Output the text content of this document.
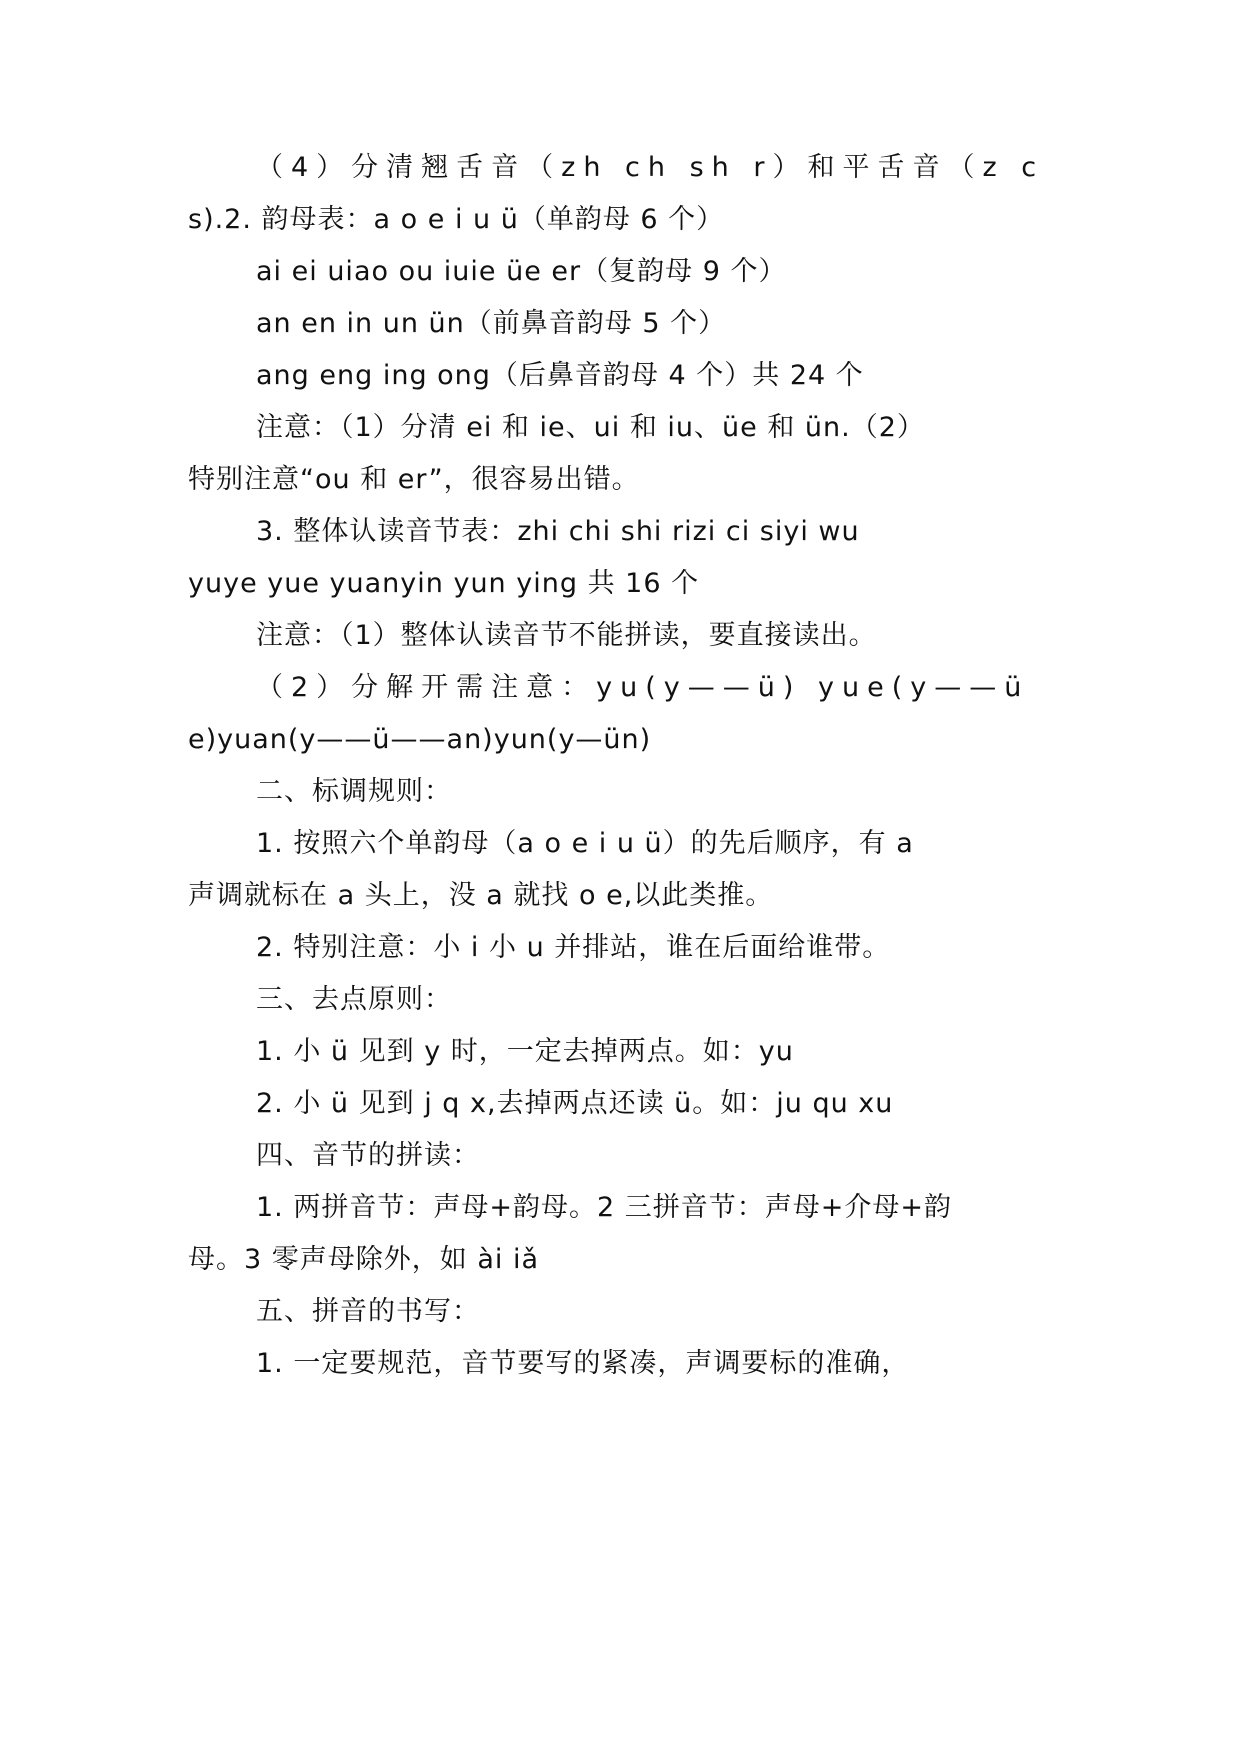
（4）分清翘舌音（zh ch sh r）和平舌音（z c
s).2. 韵母表：a o e i u ü（单韵母 6 个）
ai ei uiao ou iuie üe er（复韵母 9 个）
an en in un ün（前鼻音韵母 5 个）
ang eng ing ong（后鼻音韵母 4 个）共 24 个
注意：（1）分清 ei 和 ie、ui 和 iu、üe 和 ün.（2）
特别注意“ou 和 er”，很容易出错。
3. 整体认读音节表：zhi chi shi rizi ci siyi wu
yuye yue yuanyin yun ying 共 16 个
注意：（1）整体认读音节不能拼读，要直接读出。
（2）分解开需注意：yu(y——ü) yue(y——ü
e)yuan(y——ü——an)yun(y—ün)
二、标调规则：
1. 按照六个单韵母（a o e i u ü）的先后顺序，有 a
声调就标在 a 头上，没 a 就找 o e,以此类推。
2. 特别注意：小 i 小 u 并排站，谁在后面给谁带。
三、去点原则：
1. 小 ü 见到 y 时，一定去掉两点。如：yu
2. 小 ü 见到 j q x,去掉两点还读 ü。如：ju qu xu
四、音节的拼读：
1. 两拼音节：声母+韵母。2 三拼音节：声母+介母+韵
母。3 零声母除外，如 ài iǎ
五、拼音的书写：
1. 一定要规范，音节要写的紧凑，声调要标的准确，
